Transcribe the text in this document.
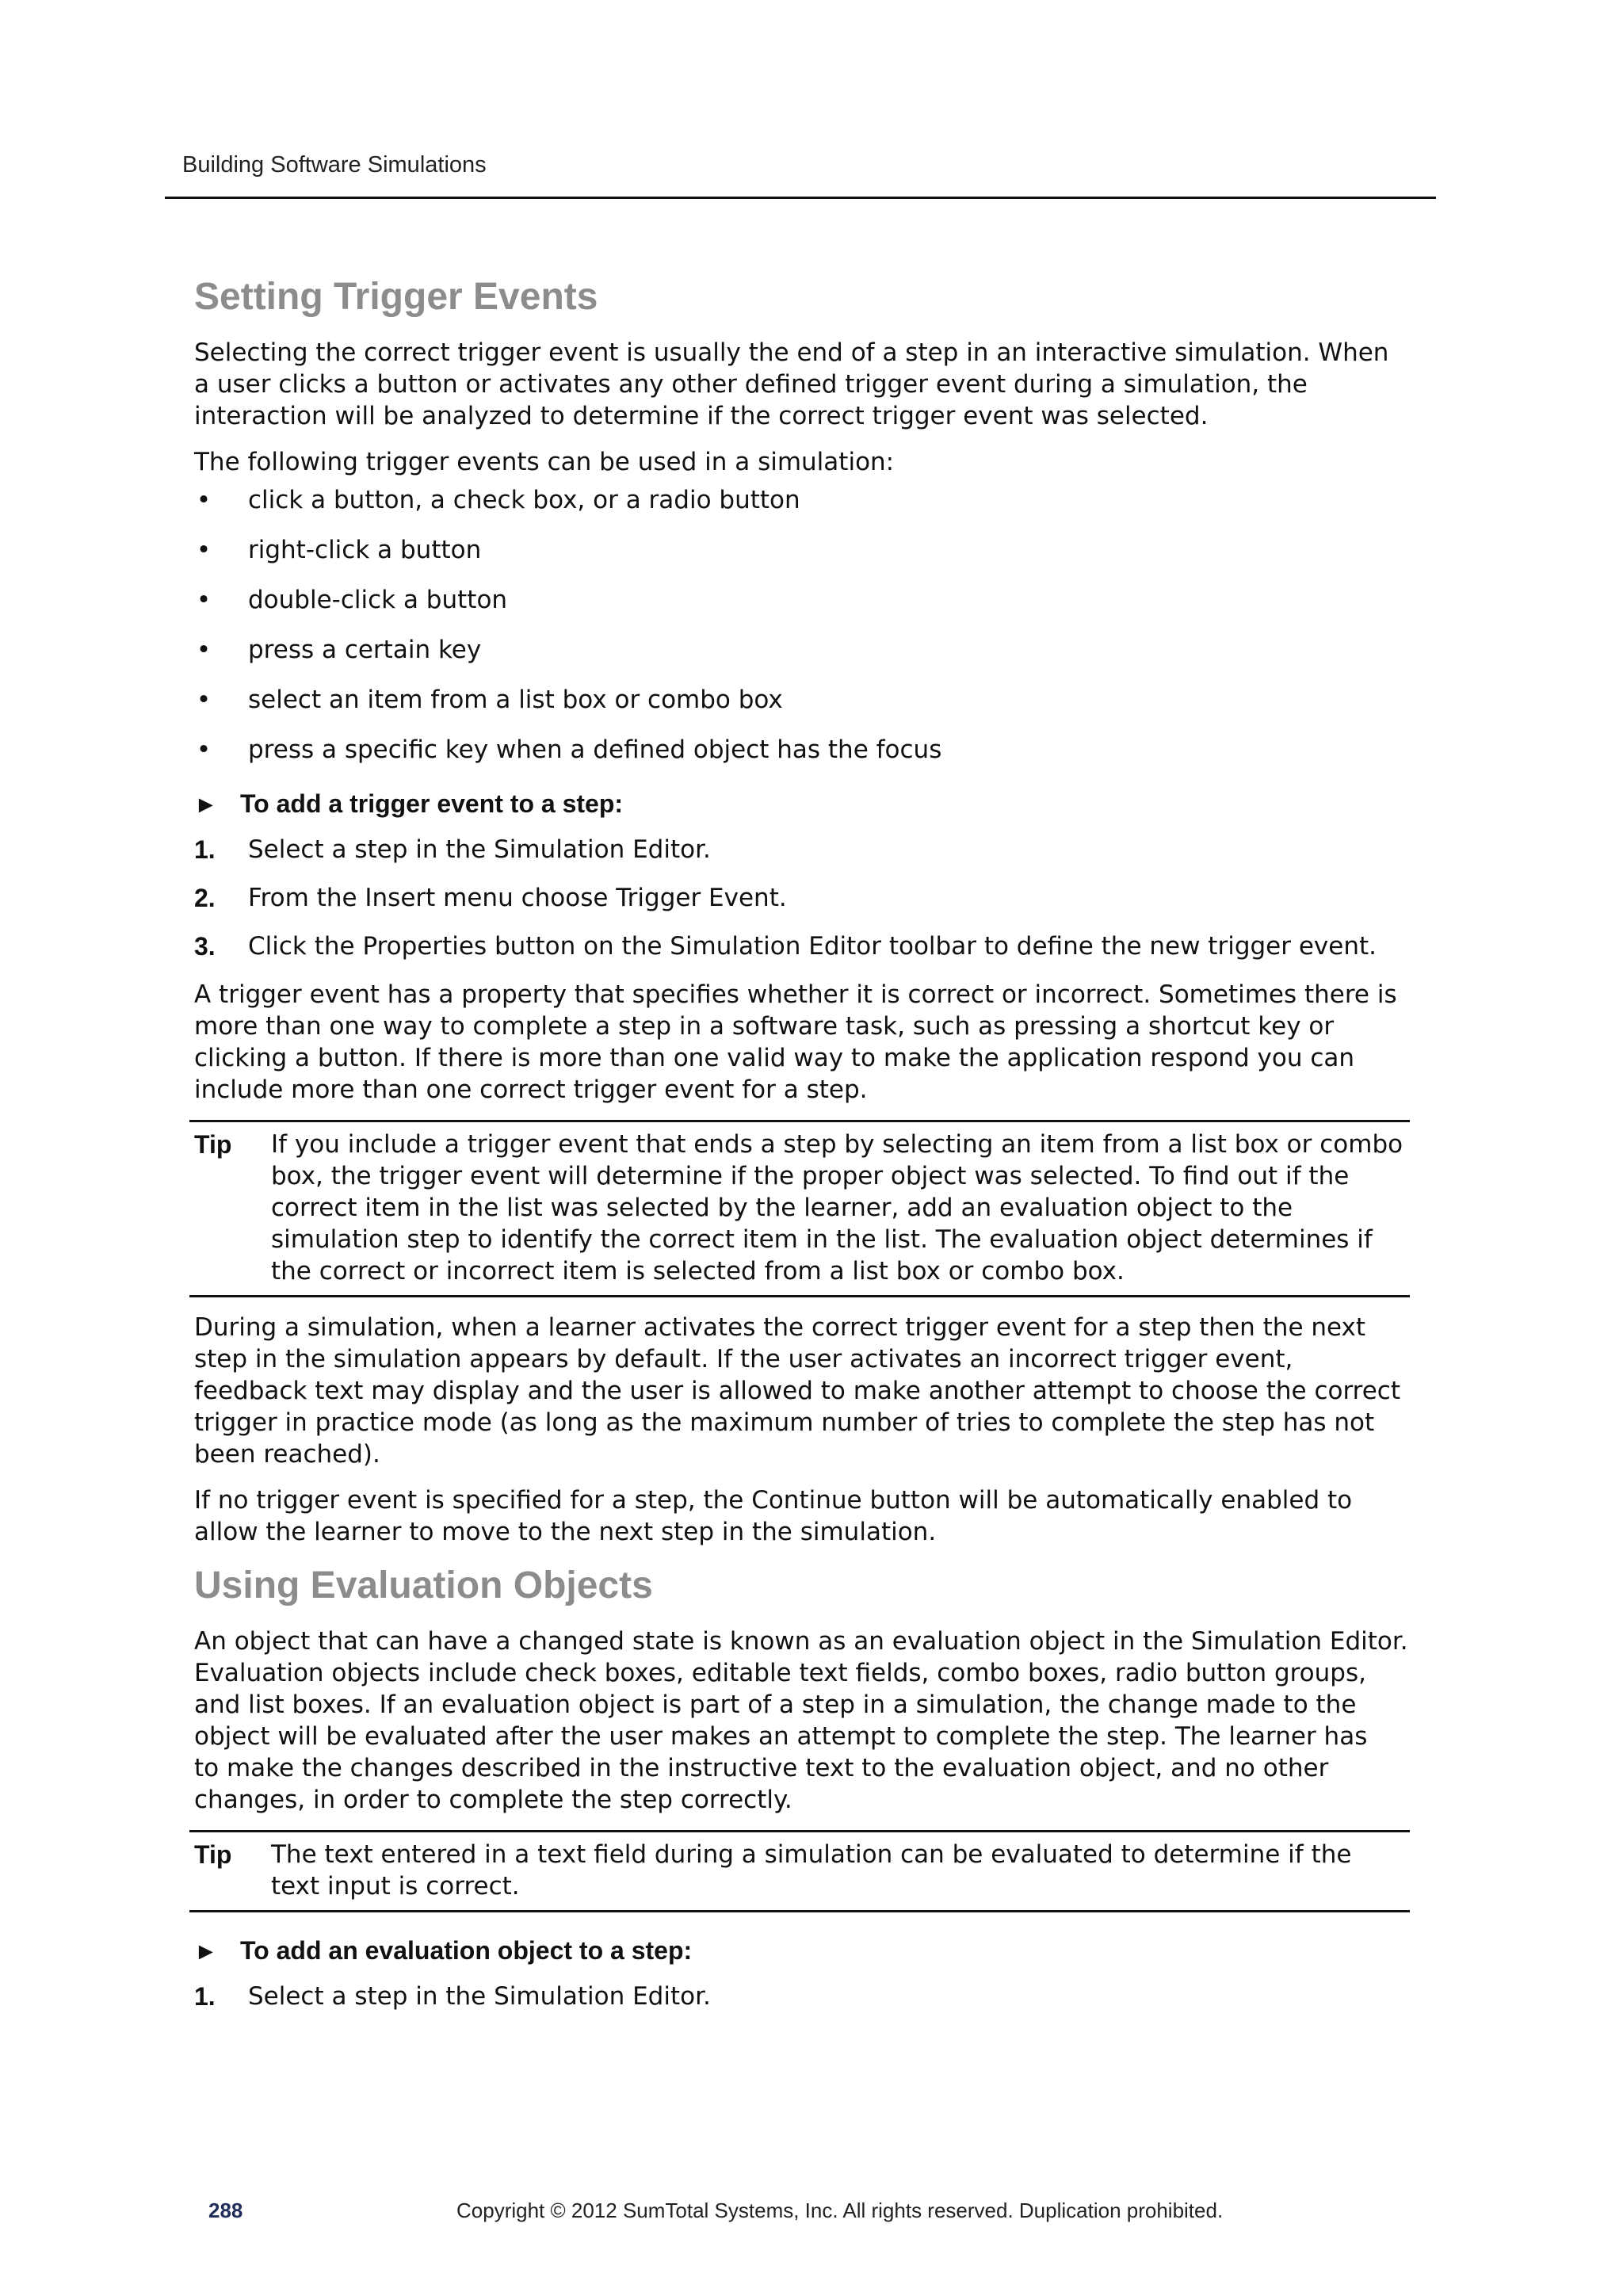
Building Software Simulations
Setting Trigger Events
Selecting the correct trigger event is usually the end of a step in an interactive simulation. When
a user clicks a button or activates any other defined trigger event during a simulation, the
interaction will be analyzed to determine if the correct trigger event was selected.
The following trigger events can be used in a simulation:
• click a button, a check box, or a radio button
• right-click a button
• double-click a button
• press a certain key
• select an item from a list box or combo box
• press a specific key when a defined object has the focus
► To add a trigger event to a step:
1. Select a step in the Simulation Editor.
2. From the Insert menu choose Trigger Event.
3. Click the Properties button on the Simulation Editor toolbar to define the new trigger event.
A trigger event has a property that specifies whether it is correct or incorrect. Sometimes there is
more than one way to complete a step in a software task, such as pressing a shortcut key or
clicking a button. If there is more than one valid way to make the application respond you can
include more than one correct trigger event for a step.
Tip If you include a trigger event that ends a step by selecting an item from a list box or combo
box, the trigger event will determine if the proper object was selected. To find out if the
correct item in the list was selected by the learner, add an evaluation object to the
simulation step to identify the correct item in the list. The evaluation object determines if
the correct or incorrect item is selected from a list box or combo box.
During a simulation, when a learner activates the correct trigger event for a step then the next
step in the simulation appears by default. If the user activates an incorrect trigger event,
feedback text may display and the user is allowed to make another attempt to choose the correct
trigger in practice mode (as long as the maximum number of tries to complete the step has not
been reached).
If no trigger event is specified for a step, the Continue button will be automatically enabled to
allow the learner to move to the next step in the simulation.
Using Evaluation Objects
An object that can have a changed state is known as an evaluation object in the Simulation Editor.
Evaluation objects include check boxes, editable text fields, combo boxes, radio button groups,
and list boxes. If an evaluation object is part of a step in a simulation, the change made to the
object will be evaluated after the user makes an attempt to complete the step. The learner has
to make the changes described in the instructive text to the evaluation object, and no other
changes, in order to complete the step correctly.
Tip The text entered in a text field during a simulation can be evaluated to determine if the
text input is correct.
► To add an evaluation object to a step:
1. Select a step in the Simulation Editor.
288	Copyright © 2012 SumTotal Systems, Inc. All rights reserved. Duplication prohibited.
